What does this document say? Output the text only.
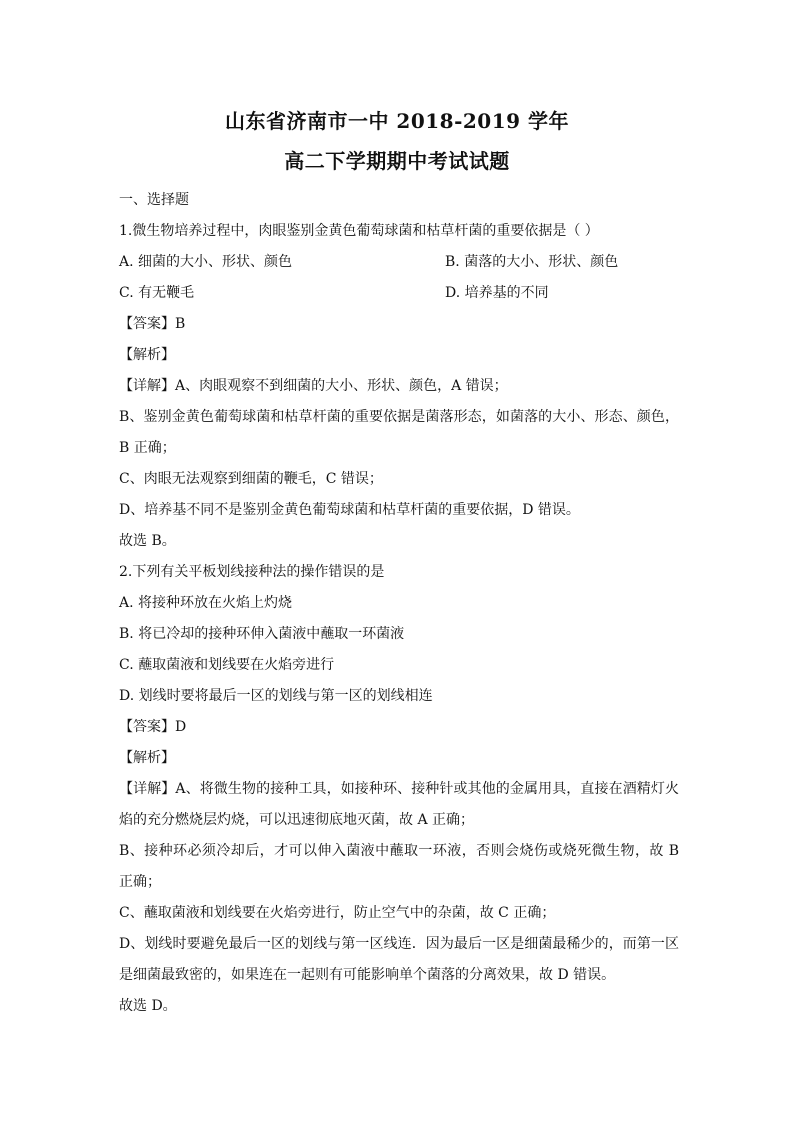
山东省济南市一中 2018-2019 学年
高二下学期期中考试试题

一、选择题

1.微生物培养过程中，肉眼鉴别金黄色葡萄球菌和枯草杆菌的重要依据是（ ）

A. 细菌的大小、形状、颜色	B. 菌落的大小、形状、颜色
C. 有无鞭毛	D. 培养基的不同

【答案】B

【解析】

【详解】A、肉眼观察不到细菌的大小、形状、颜色，A 错误；

B、鉴别金黄色葡萄球菌和枯草杆菌的重要依据是菌落形态，如菌落的大小、形态、颜色，B 正确；

C、肉眼无法观察到细菌的鞭毛，C 错误；

D、培养基不同不是鉴别金黄色葡萄球菌和枯草杆菌的重要依据，D 错误。

故选 B。

2.下列有关平板划线接种法的操作错误的是

A. 将接种环放在火焰上灼烧

B. 将已冷却的接种环伸入菌液中蘸取一环菌液

C. 蘸取菌液和划线要在火焰旁进行

D. 划线时要将最后一区的划线与第一区的划线相连

【答案】D

【解析】

【详解】A、将微生物的接种工具，如接种环、接种针或其他的金属用具，直接在酒精灯火焰的充分燃烧层灼烧，可以迅速彻底地灭菌，故 A 正确；

B、接种环必须冷却后，才可以伸入菌液中蘸取一环液，否则会烧伤或烧死微生物，故 B 正确；

C、蘸取菌液和划线要在火焰旁进行，防止空气中的杂菌，故 C 正确；

D、划线时要避免最后一区的划线与第一区线连．因为最后一区是细菌最稀少的，而第一区是细菌最致密的，如果连在一起则有可能影响单个菌落的分离效果，故 D 错误。

故选 D。
